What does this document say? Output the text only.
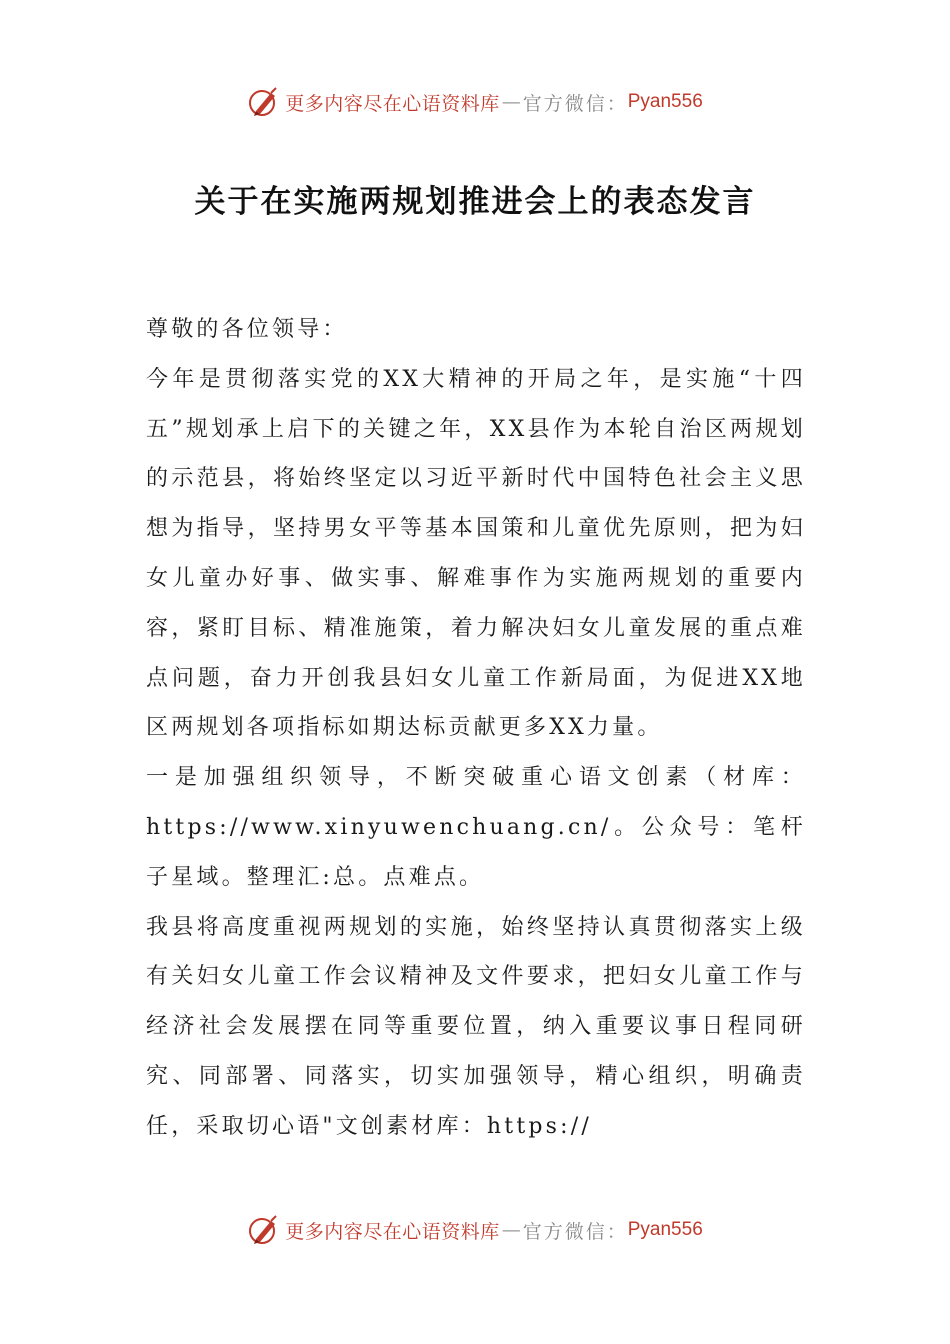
更多内容尽在心语资料库 — 官方微信： Pyan556
关于在实施两规划推进会上的表态发言

尊敬的各位领导：

今年是贯彻落实党的XX大精神的开局之年，是实施“十四五”规划承上启下的关键之年，XX县作为本轮自治区两规划的示范县，将始终坚定以习近平新时代中国特色社会主义思想为指导，坚持男女平等基本国策和儿童优先原则，把为妇女儿童办好事、做实事、解难事作为实施两规划的重要内容，紧盯目标、精准施策，着力解决妇女儿童发展的重点难点问题，奋力开创我县妇女儿童工作新局面，为促进XX地区两规划各项指标如期达标贡献更多XX力量。

一是加强组织领导，不断突破重心语文创素（材库：https://www.xinyuwenchuang.cn/。公众号：笔杆子星域。整理汇:总。点难点。

我县将高度重视两规划的实施，始终坚持认真贯彻落实上级有关妇女儿童工作会议精神及文件要求，把妇女儿童工作与经济社会发展摆在同等重要位置，纳入重要议事日程同研究、同部署、同落实，切实加强领导，精心组织，明确责任，采取切心语"文创素材库：https://

更多内容尽在心语资料库 — 官方微信： Pyan556
